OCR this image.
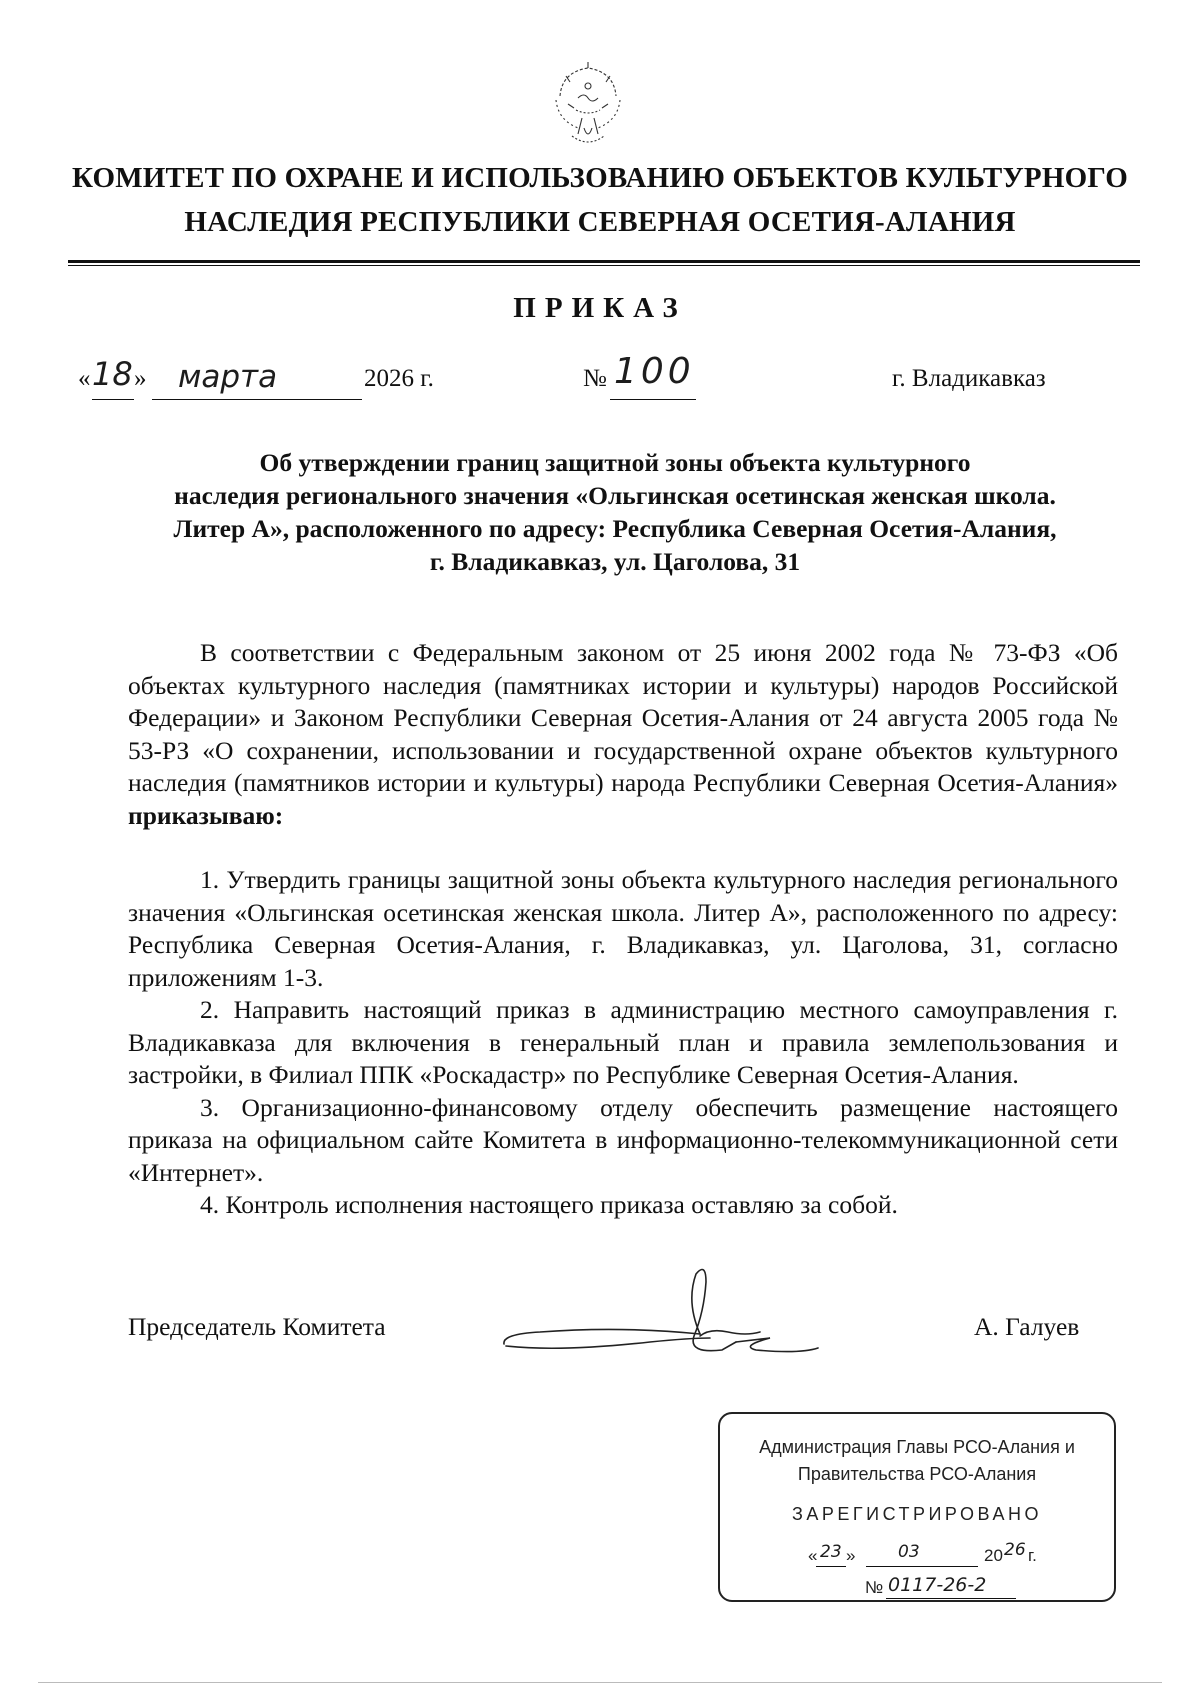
КОМИТЕТ ПО ОХРАНЕ И ИСПОЛЬЗОВАНИЮ ОБЪЕКТОВ КУЛЬТУРНОГО
НАСЛЕДИЯ РЕСПУБЛИКИ СЕВЕРНАЯ ОСЕТИЯ-АЛАНИЯ
ПРИКАЗ
« 18 » марта	2026 г.	№ 100	г. Владикавказ
Об утверждении границ защитной зоны объекта культурного
наследия регионального значения «Ольгинская осетинская женская школа.
Литер А», расположенного по адресу: Республика Северная Осетия-Алания,
г. Владикавказ, ул. Цаголова, 31

В соответствии с Федеральным законом от 25 июня 2002 года № 73-ФЗ «Об объектах культурного наследия (памятниках истории и культуры) народов Российской Федерации» и Законом Республики Северная Осетия-Алания от 24 августа 2005 года № 53-РЗ «О сохранении, использовании и государственной охране объектов культурного наследия (памятников истории и культуры) народа Республики Северная Осетия-Алания» приказываю:

1. Утвердить границы защитной зоны объекта культурного наследия регионального значения «Ольгинская осетинская женская школа. Литер А», расположенного по адресу: Республика Северная Осетия-Алания, г. Владикавказ, ул. Цаголова, 31, согласно приложениям 1-3.

2. Направить настоящий приказ в администрацию местного самоуправления г. Владикавказа для включения в генеральный план и правила землепользования и застройки, в Филиал ППК «Роскадастр» по Республике Северная Осетия-Алания.

3. Организационно-финансовому отделу обеспечить размещение настоящего приказа на официальном сайте Комитета в информационно-телекоммуникационной сети «Интернет».

4. Контроль исполнения настоящего приказа оставляю за собой.

Председатель Комитета	А. Галуев
Администрация Главы РСО-Алания и
Правительства РСО-Алания
ЗАРЕГИСТРИРОВАНО
« 23 »	03	20 26 г.
№ 0117-26-2
